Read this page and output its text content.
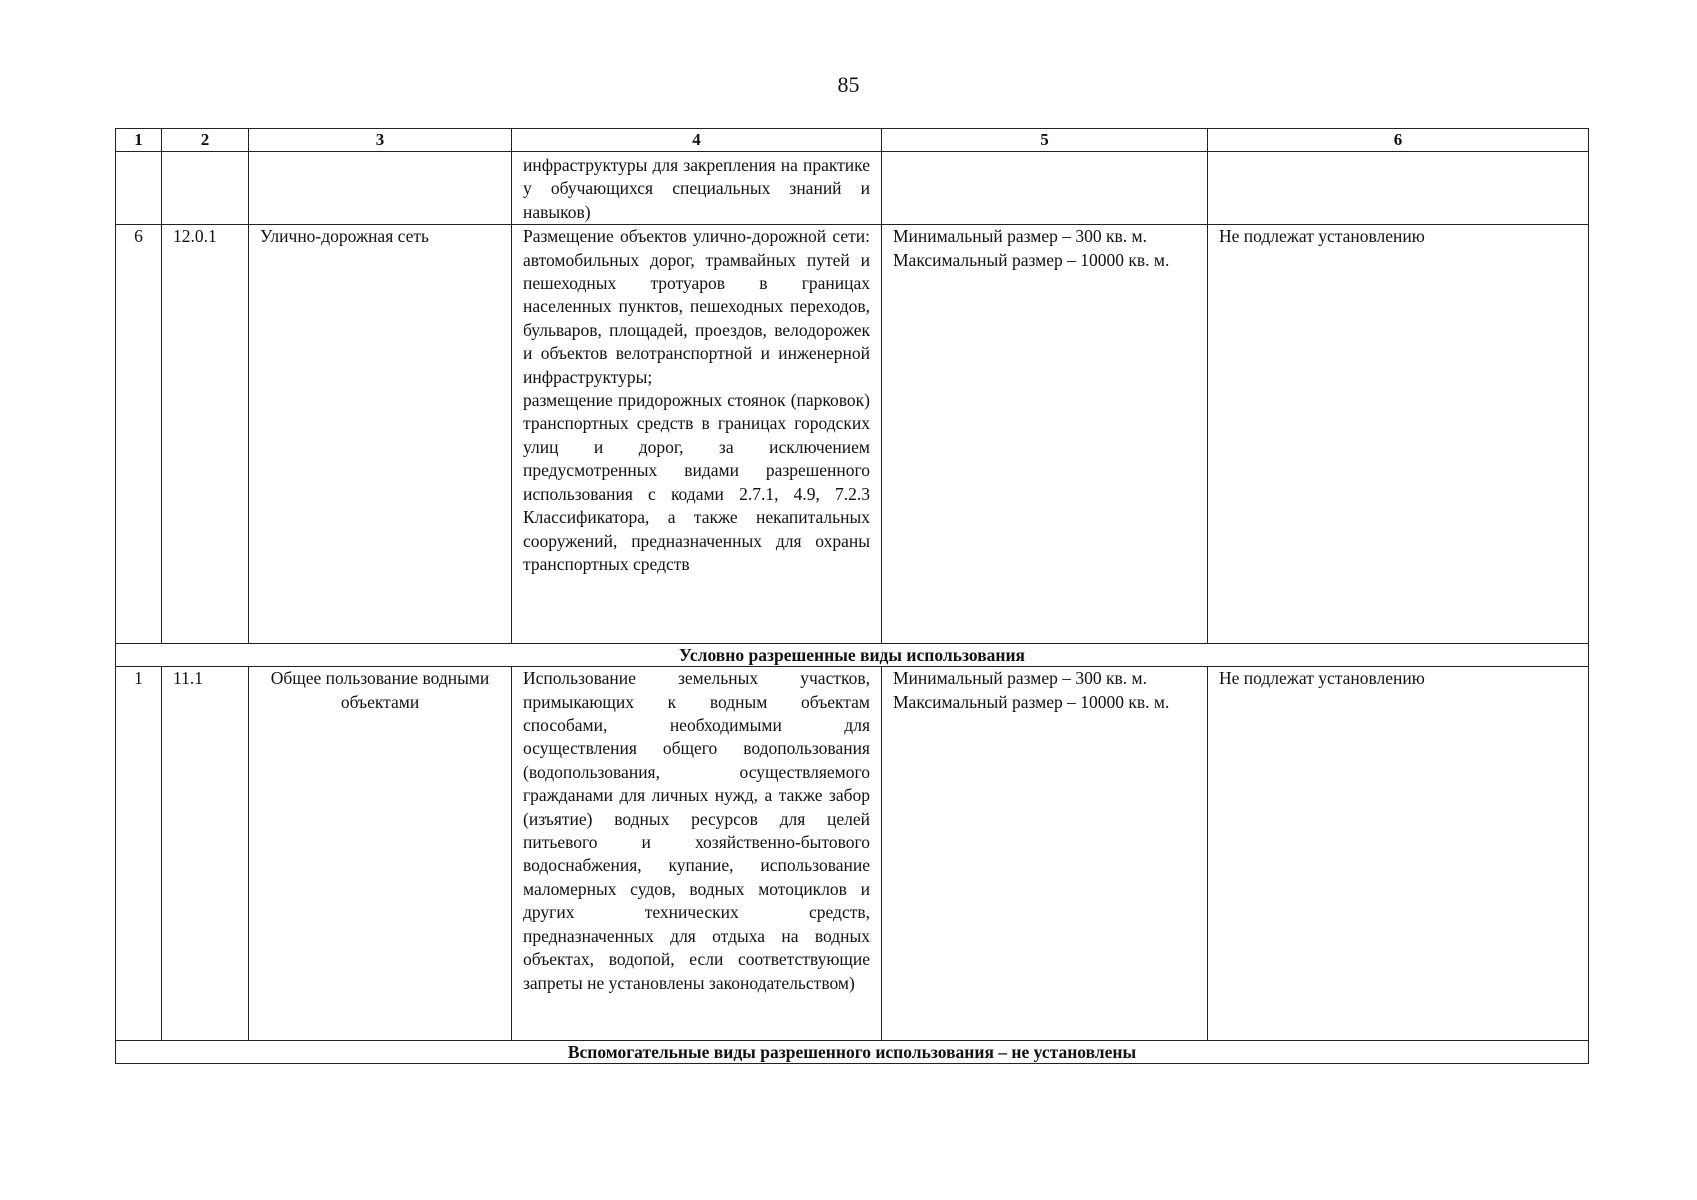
85
1	2	3	4	5	6
			инфраструктуры для закрепления на практике у обучающихся специальных знаний и навыков)		
6	12.0.1	Улично-дорожная сеть	Размещение объектов улично-дорожной сети: автомобильных дорог, трамвайных путей и пешеходных тротуаров в границах населенных пунктов, пешеходных переходов, бульваров, площадей, проездов, велодорожек и объектов велотранспортной и инженерной инфраструктуры;
размещение придорожных стоянок (парковок) транспортных средств в границах городских улиц и дорог, за исключением предусмотренных видами разрешенного использования с кодами 2.7.1, 4.9, 7.2.3 Классификатора, а также некапитальных сооружений, предназначенных для охраны транспортных средств	Минимальный размер – 300 кв. м.
Максимальный размер – 10000 кв. м.	Не подлежат установлению
Условно разрешенные виды использования					
1	11.1	Общее пользование водными объектами	Использование земельных участков, примыкающих к водным объектам способами, необходимыми для осуществления общего водопользования (водопользования, осуществляемого гражданами для личных нужд, а также забор (изъятие) водных ресурсов для целей питьевого и хозяйственно-бытового водоснабжения, купание, использование маломерных судов, водных мотоциклов и других технических средств, предназначенных для отдыха на водных объектах, водопой, если соответствующие запреты не установлены законодательством)	Минимальный размер – 300 кв. м.
Максимальный размер – 10000 кв. м.	Не подлежат установлению
Вспомогательные виды разрешенного использования – не установлены					
